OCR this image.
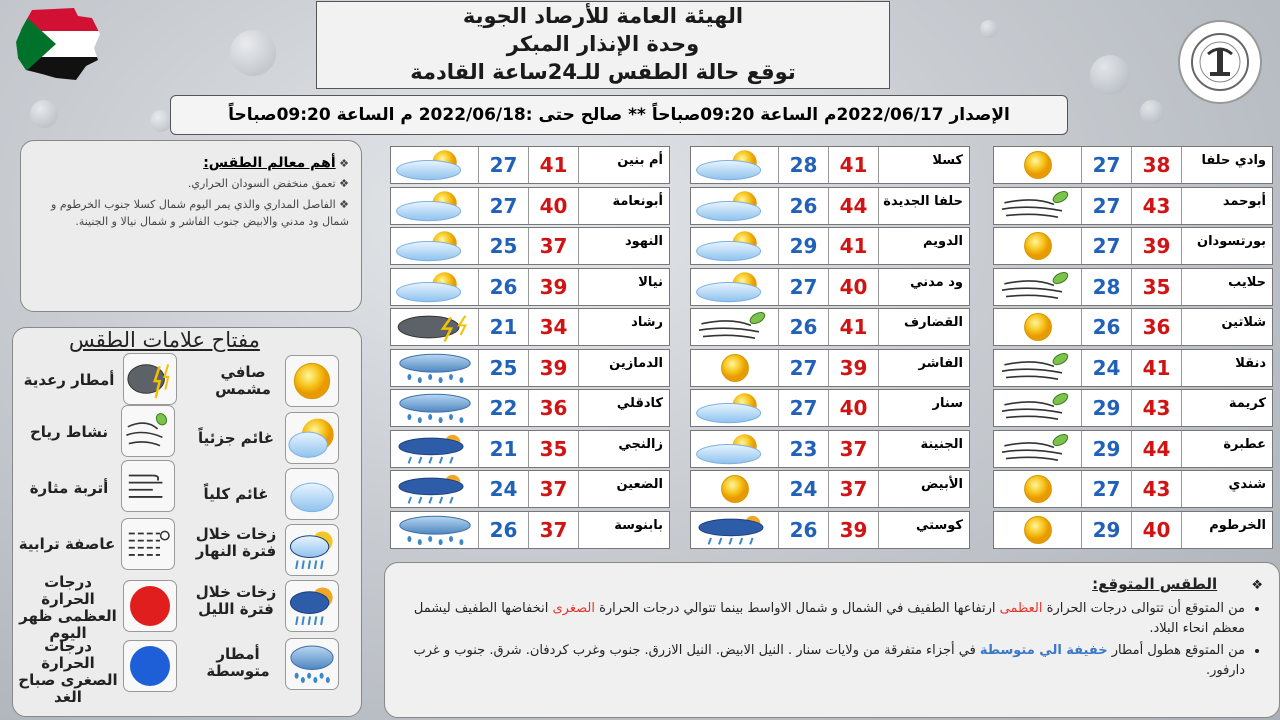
الهيئة العامة للأرصاد الجوية
وحدة الإنذار المبكر
توقع حالة الطقس للـ24ساعة القادمة
الإصدار 2022/06/17م الساعة 09:20صباحاً ** صالح حتى :2022/06/18 م الساعة 09:20صباحاً
❖ أهم معالم الطقس:
❖ تعمق منخفض السودان الحراري.
❖ الفاصل المداري والذي يمر اليوم شمال كسلا جنوب الخرطوم و شمال ود مدني والابيض جنوب الفاشر و شمال نيالا و الجنينة.
مفتاح علامات الطقس
أمطار رعدية	صافي مشمس
نشاط رياح	غائم جزئياً
أتربة مثارة	غائم كلياً
عاصفة ترابية
زخات خلال فترة النهار
درجات الحرارة العظمى ظهر اليوم
زخات خلال فترة الليل
درجات الحرارة الصغرى صباح الغد
أمطار متوسطة
27	38	وادي حلفا
27	43	أبوحمد
27	39	بورتسودان
28	35	حلايب
26	36	شلاتين
24	41	دنقلا
29	43	كريمة
29	44	عطبرة
27	43	شندي
29	40	الخرطوم
28	41	كسلا
26	44	حلفا الجديدة
29	41	الدويم
27	40	ود مدني
26	41	القضارف
27	39	الفاشر
27	40	سنار
23	37	الجنينة
24	37	الأبيض
26	39	كوستي
27	41	أم بنين
27	40	أبونعامة
25	37	النهود
26	39	نيالا
21	34	رشاد
25	39	الدمازين
22	36	كادقلي
21	35	زالنجي
24	37	الضعين
26	37	بابنوسة
❖ الطقس المتوقع:
• من المتوقع أن تتوالى درجات الحرارة العظمى ارتفاعها الطفيف في الشمال و شمال الاواسط بينما تتوالي درجات الحرارة الصغرى انخفاضها الطفيف ليشمل معظم انحاء البلاد.
• من المتوقع هطول أمطار خفيفة الي متوسطة في أجزاء متفرقة من ولايات سنار . النيل الابيض. النيل الازرق. جنوب وغرب كردفان. شرق. جنوب و غرب دارفور.
